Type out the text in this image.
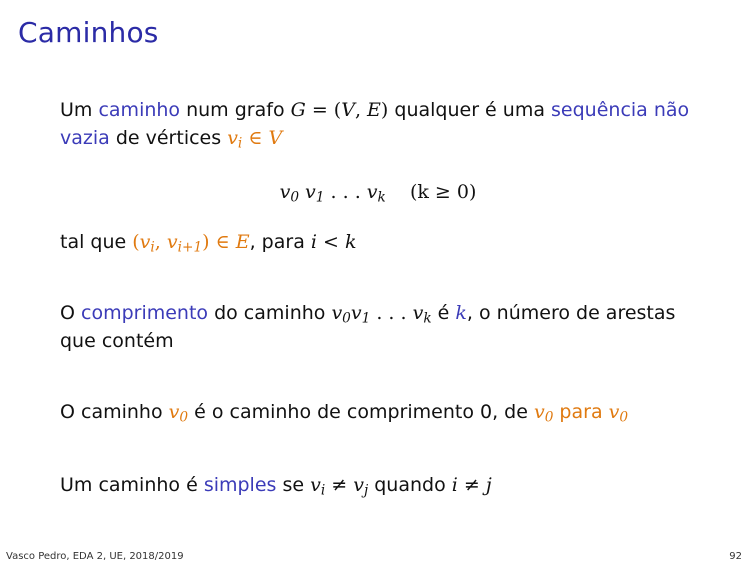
Caminhos
Um caminho num grafo G = (V, E) qualquer é uma sequência não
vazia de vértices $v_i$ ∈ V
$v_0$ $v_1$ . . . $v_k$    (k ≥ 0)
tal que ($v_i$, $v_{i+1}$) ∈ E, para i < k
O comprimento do caminho $v_0v_1$ . . . $v_k$ é k, o número de arestas
que contém
O caminho $v_0$ é o caminho de comprimento 0, de $v_0$ para $v_0$
Um caminho é simples se $v_i \ne v_j$ quando i ≠ j
Vasco Pedro, EDA 2, UE, 2018/2019	92
